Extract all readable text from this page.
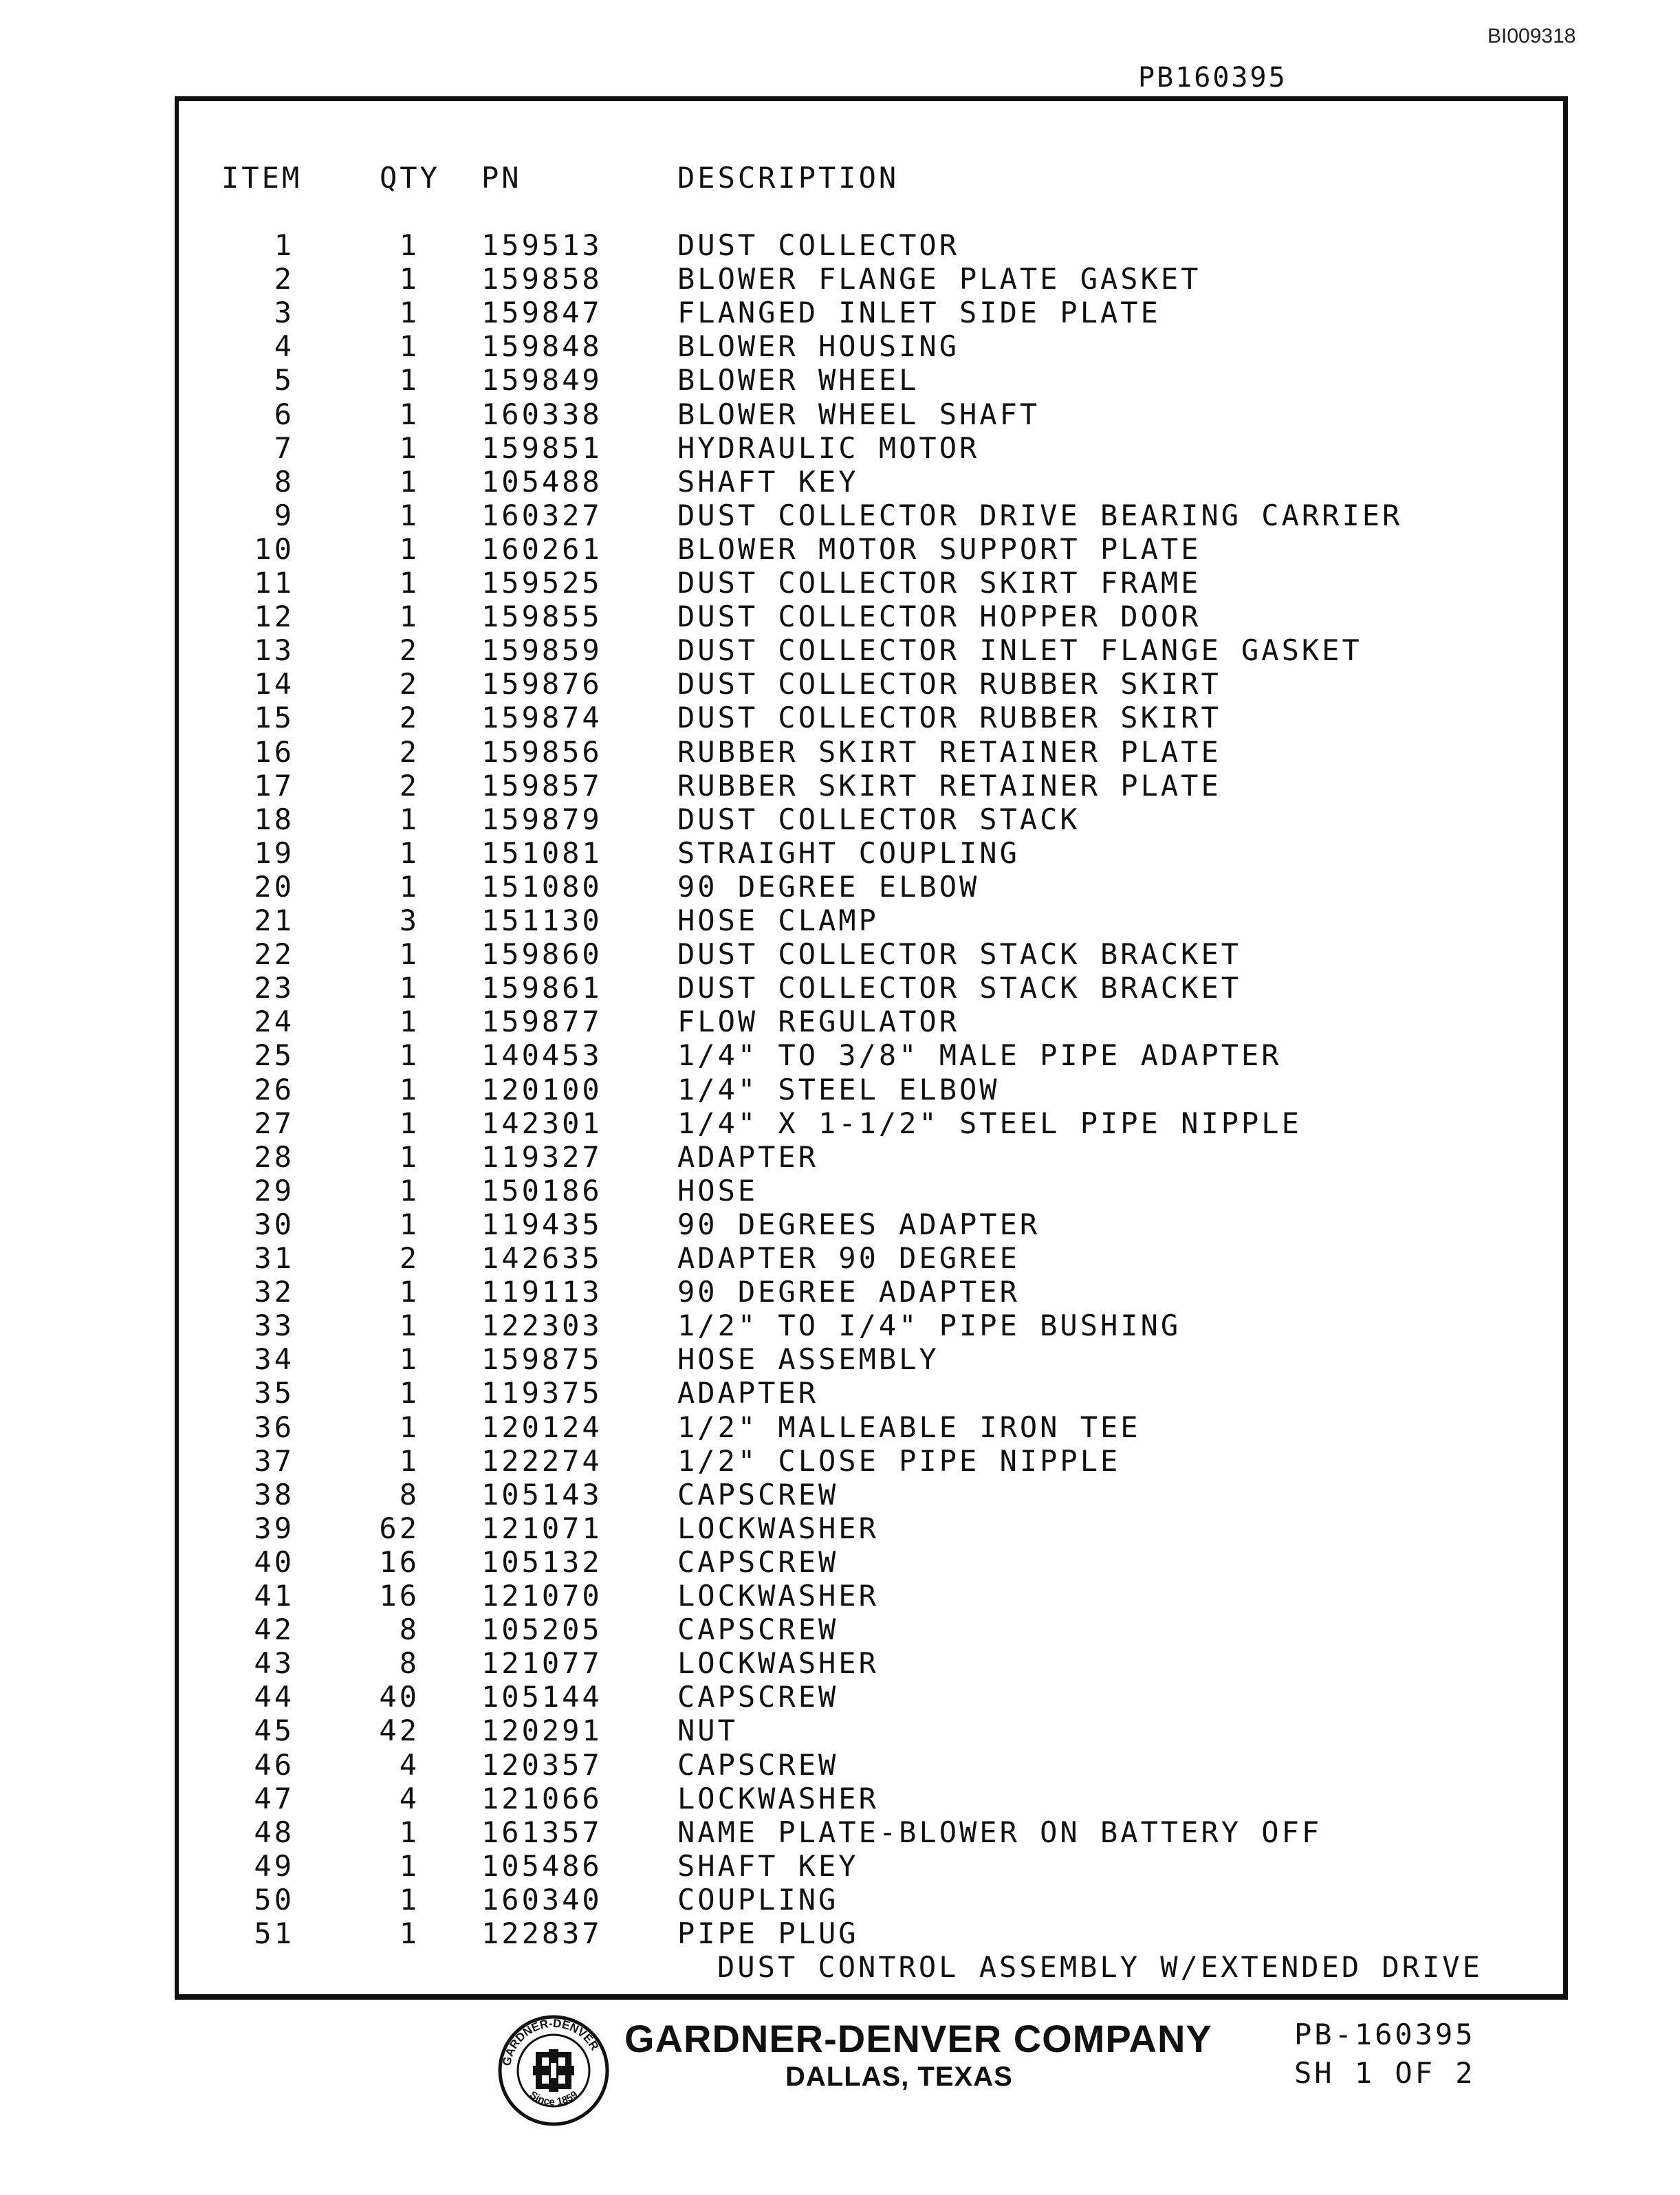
BI009318
PB160395
ITEM	QTY PN	DESCRIPTION
1	1 159513	DUST COLLECTOR
2	1 159858	BLOWER FLANGE PLATE GASKET
3	1 159847	FLANGED INLET SIDE PLATE
4	1 159848	BLOWER HOUSING
5	1 159849	BLOWER WHEEL
6	1 160338	BLOWER WHEEL SHAFT
7	1 159851	HYDRAULIC MOTOR
8	1 105488	SHAFT KEY
9	1 160327	DUST COLLECTOR DRIVE BEARING CARRIER
10	1 160261	BLOWER MOTOR SUPPORT PLATE
11	1 159525	DUST COLLECTOR SKIRT FRAME
12	1 159855	DUST COLLECTOR HOPPER DOOR
13	2 159859	DUST COLLECTOR INLET FLANGE GASKET
14	2 159876	DUST COLLECTOR RUBBER SKIRT
15	2 159874	DUST COLLECTOR RUBBER SKIRT
16	2 159856	RUBBER SKIRT RETAINER PLATE
17	2 159857	RUBBER SKIRT RETAINER PLATE
18	1 159879	DUST COLLECTOR STACK
19	1 151081	STRAIGHT COUPLING
20	1 151080	90 DEGREE ELBOW
21	3 151130	HOSE CLAMP
22	1 159860	DUST COLLECTOR STACK BRACKET
23	1 159861	DUST COLLECTOR STACK BRACKET
24	1 159877	FLOW REGULATOR
25	1 140453	1/4" TO 3/8" MALE PIPE ADAPTER
26	1 120100	1/4" STEEL ELBOW
27	1 142301	1/4" X 1-1/2" STEEL PIPE NIPPLE
28	1 119327	ADAPTER
29	1 150186	HOSE
30	1 119435	90 DEGREES ADAPTER
31	2 142635	ADAPTER 90 DEGREE
32	1 119113	90 DEGREE ADAPTER
33	1 122303	1/2" TO I/4" PIPE BUSHING
34	1 159875	HOSE ASSEMBLY
35	1 119375	ADAPTER
36	1 120124	1/2" MALLEABLE IRON TEE
37	1 122274	1/2" CLOSE PIPE NIPPLE
38	8 105143	CAPSCREW
39	62 121071	LOCKWASHER
40	16 105132	CAPSCREW
41	16 121070	LOCKWASHER
42	8 105205	CAPSCREW
43	8 121077	LOCKWASHER
44	40 105144	CAPSCREW
45	42 120291	NUT
46	4 120357	CAPSCREW
47	4 121066	LOCKWASHER
48	1 161357	NAME PLATE-BLOWER ON BATTERY OFF
49	1 105486	SHAFT KEY
50	1 160340	COUPLING
51	1 122837	PIPE PLUG
DUST CONTROL ASSEMBLY W/EXTENDED DRIVE
GARDNER-DENVER
Since 1859
GARDNER-DENVER COMPANY
DALLAS, TEXAS
PB-160395
SH 1 OF 2
